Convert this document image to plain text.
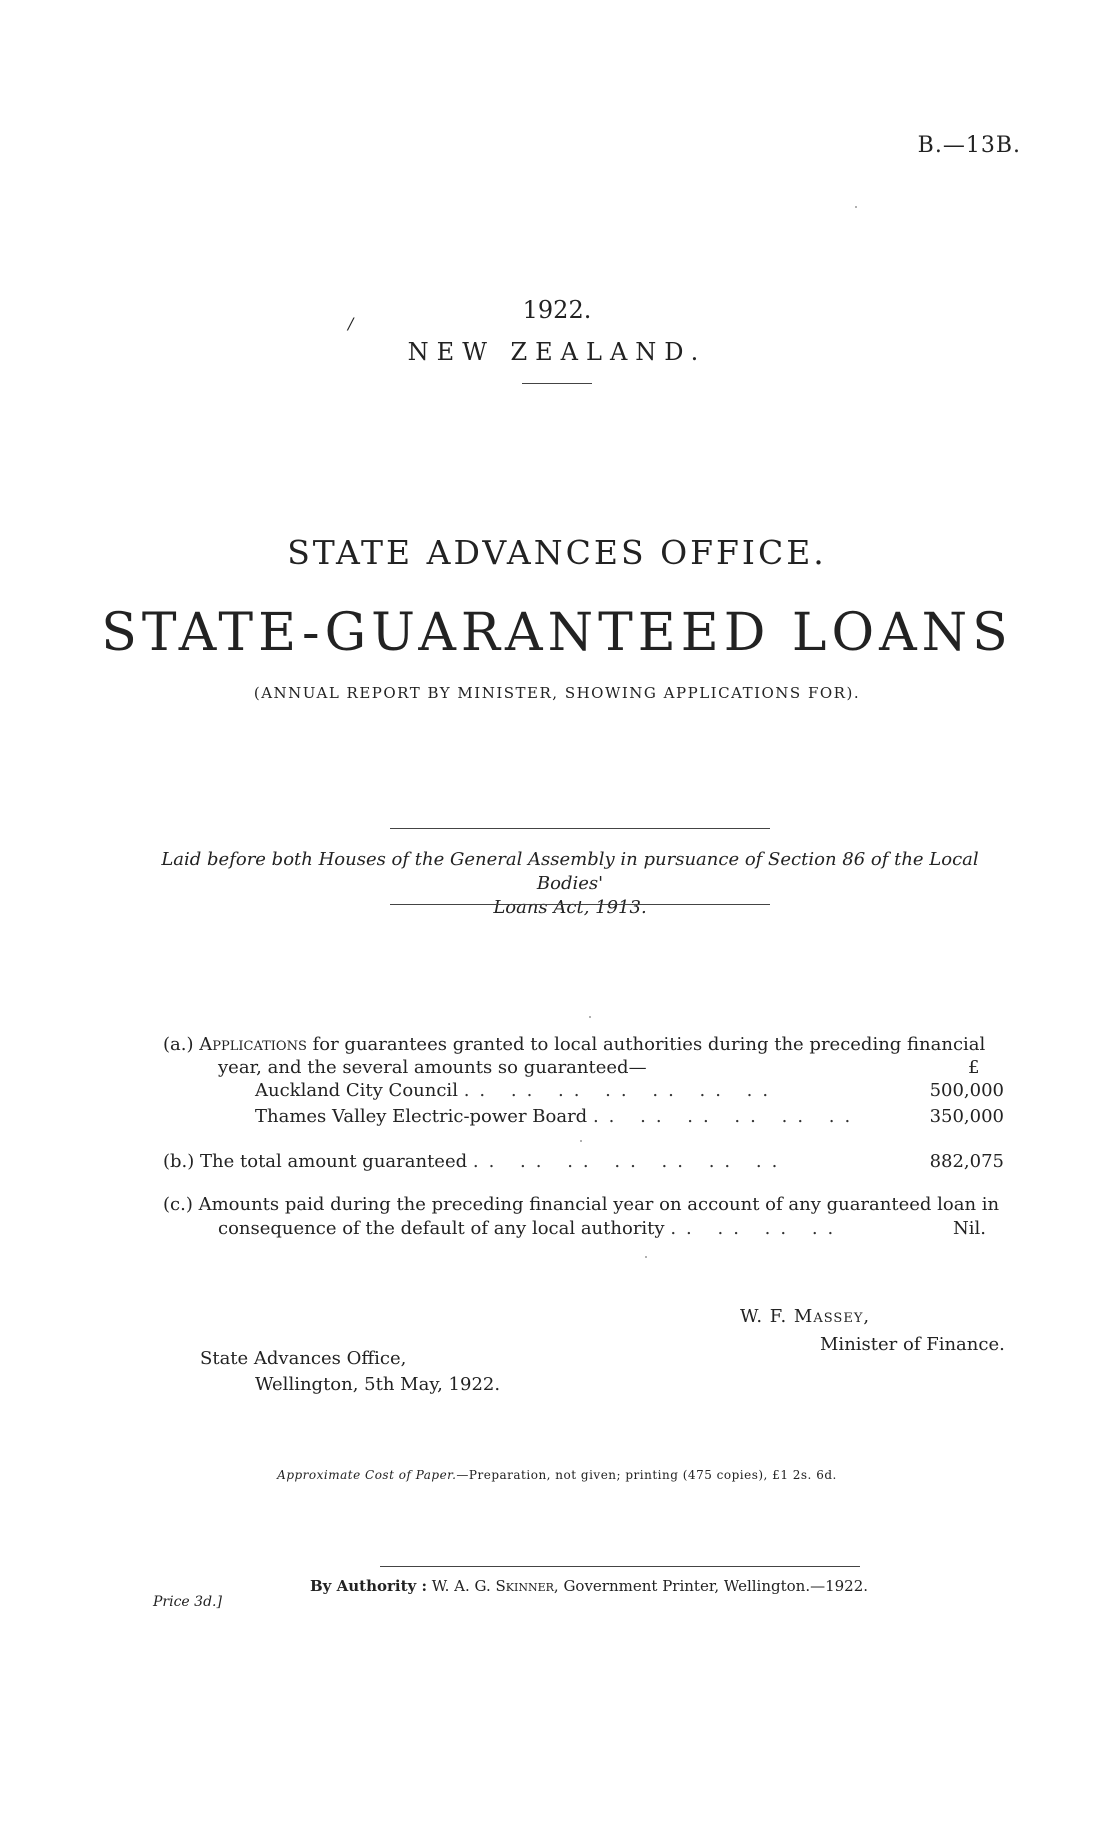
B.—13B.
/	1922.
NEW ZEALAND.
STATE ADVANCES OFFICE.
STATE-GUARANTEED LOANS
(ANNUAL REPORT BY MINISTER, SHOWING APPLICATIONS FOR).
Laid before both Houses of the General Assembly in pursuance of Section 86 of the Local Bodies'
Loans Act, 1913.
(a.) Applications for guarantees granted to local authorities during the preceding financial
year, and the several amounts so guaranteed—	£
Auckland City Council .. .. .. .. .. .. ..	500,000
Thames Valley Electric-power Board .. .. .. .. .. ..	350,000
(b.) The total amount guaranteed .. .. .. .. .. .. ..	882,075
(c.) Amounts paid during the preceding financial year on account of any guaranteed loan in
consequence of the default of any local authority .. .. .. ..	Nil.
W. F. Massey,
Minister of Finance.
State Advances Office,
Wellington, 5th May, 1922.
Approximate Cost of Paper.—Preparation, not given; printing (475 copies), £1 2s. 6d.
By Authority : W. A. G. Skinner, Government Printer, Wellington.—1922.
Price 3d.]
